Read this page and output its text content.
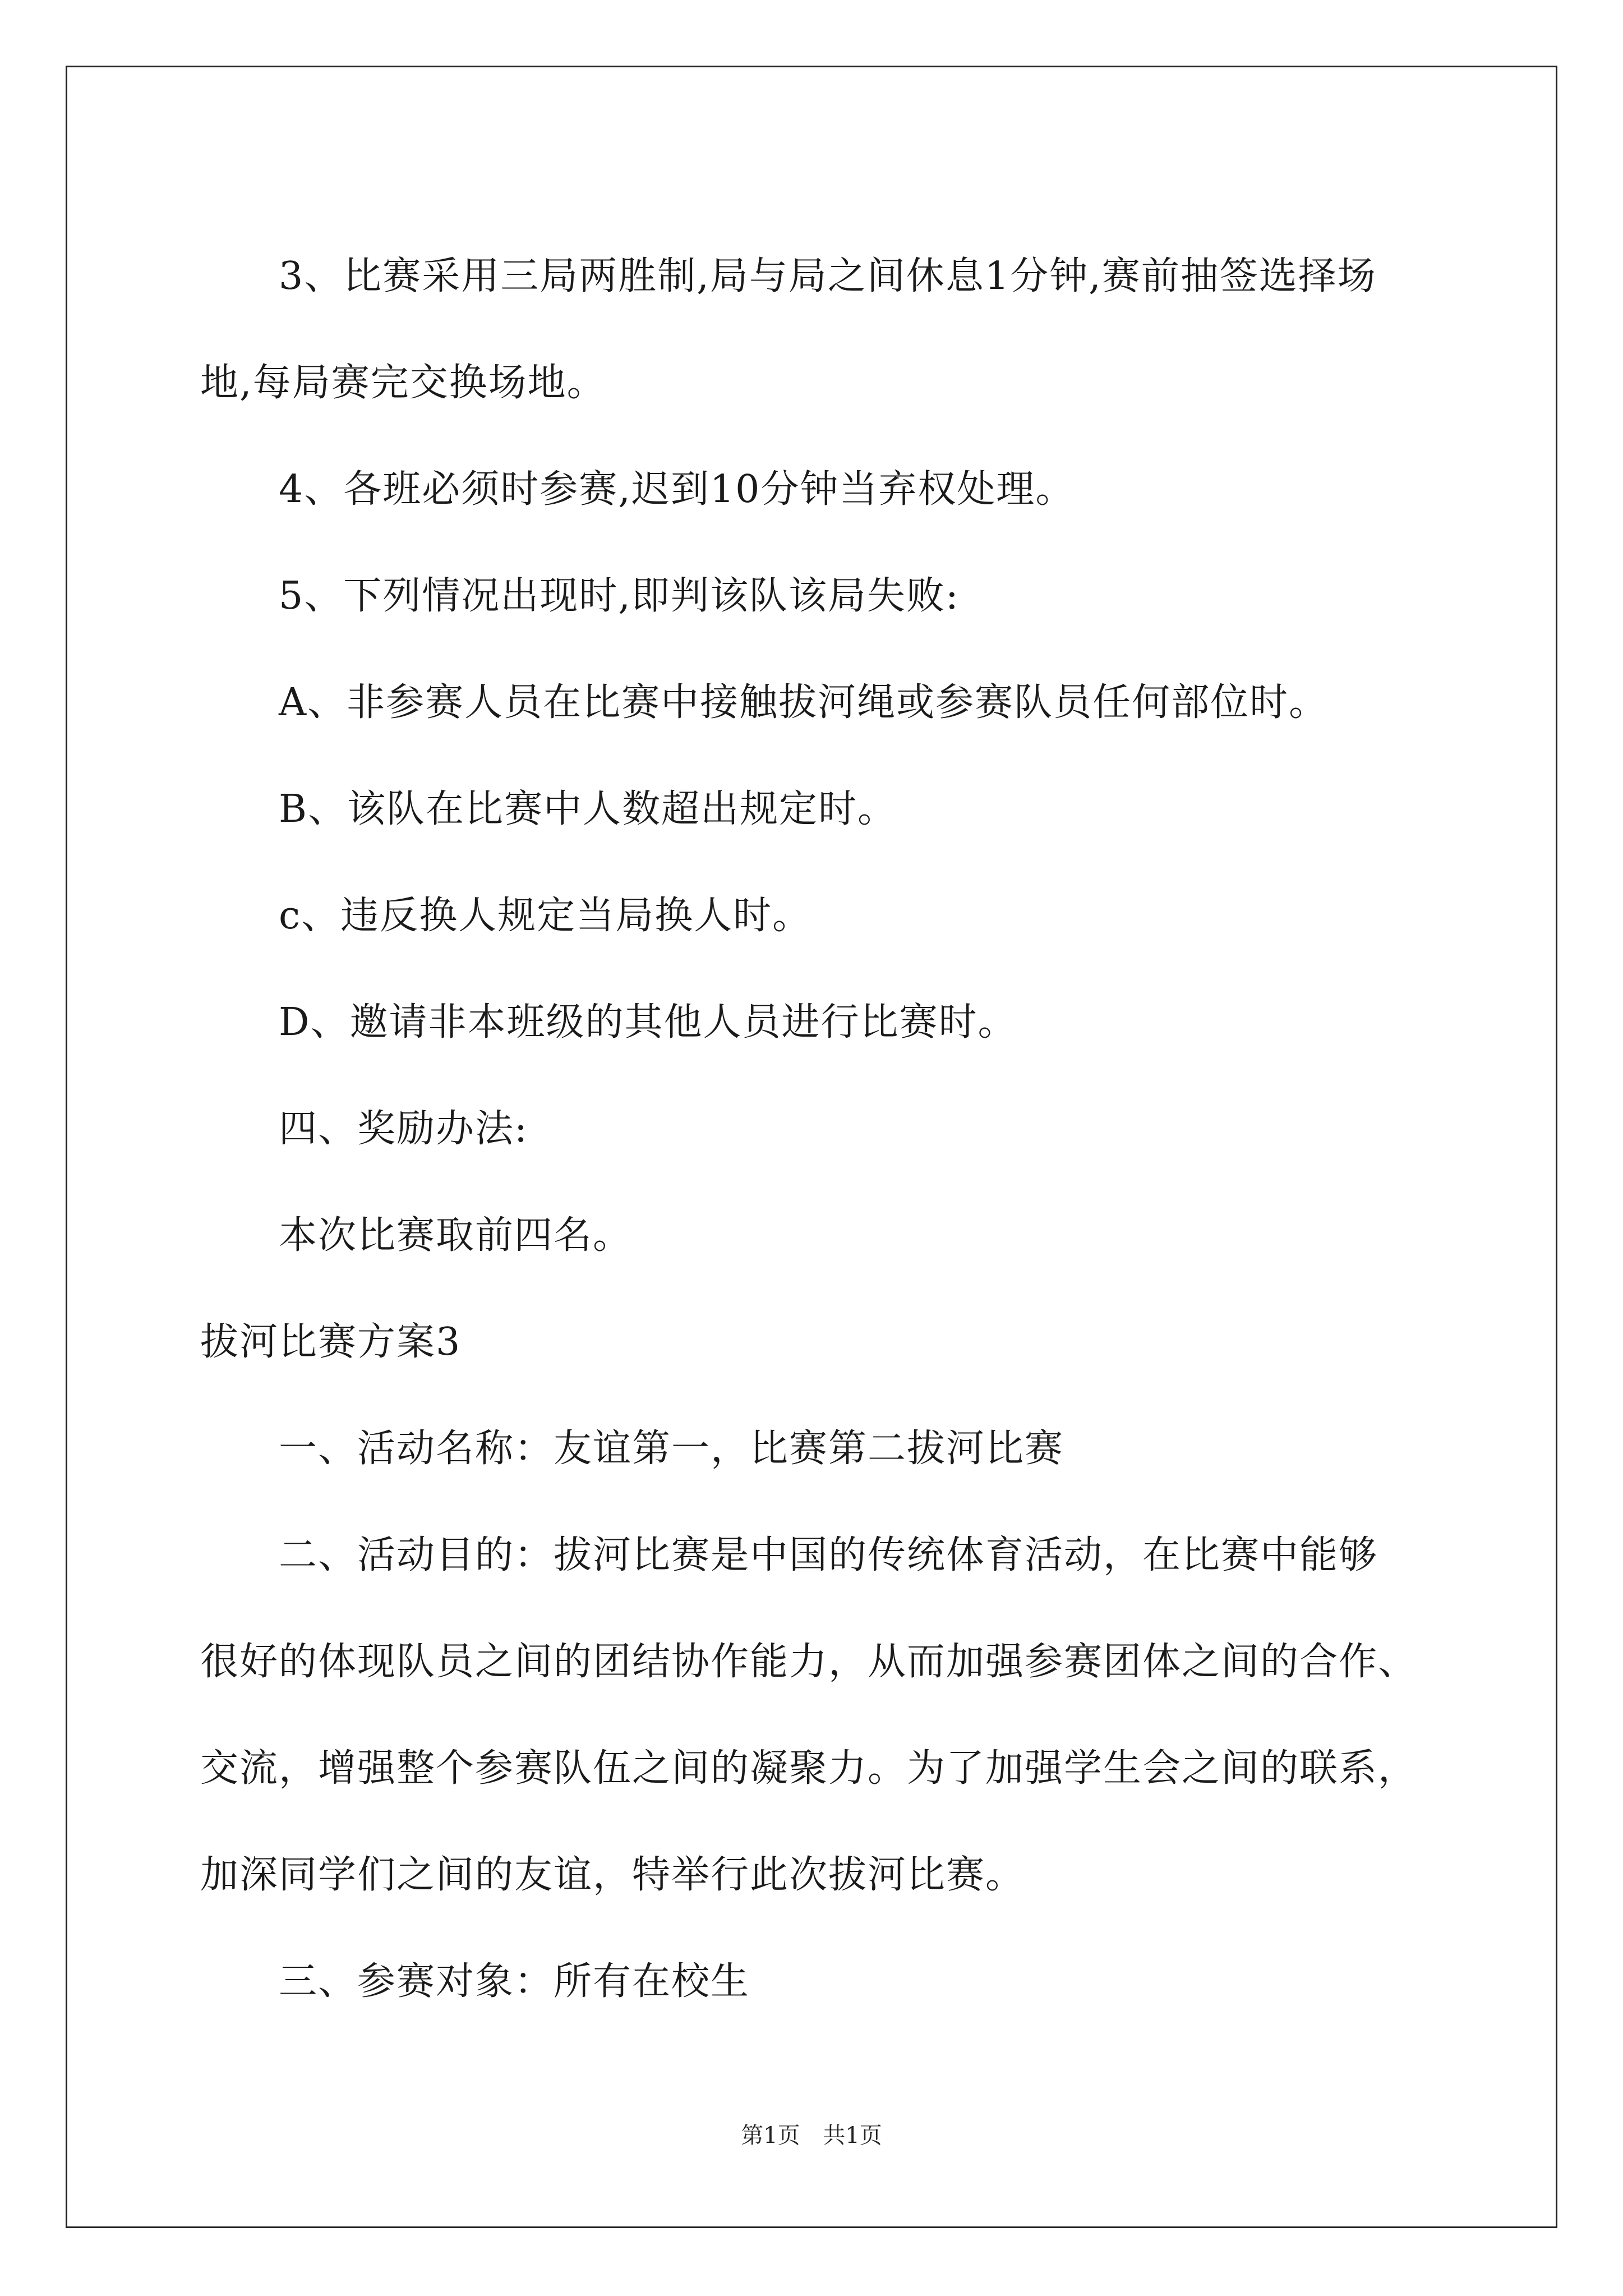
3、比赛采用三局两胜制,局与局之间休息1分钟,赛前抽签选择场

地,每局赛完交换场地。

4、各班必须时参赛,迟到10分钟当弃权处理。

5、下列情况出现时,即判该队该局失败:

A、非参赛人员在比赛中接触拔河绳或参赛队员任何部位时。

B、该队在比赛中人数超出规定时。

c、违反换人规定当局换人时。

D、邀请非本班级的其他人员进行比赛时。

四、奖励办法:

本次比赛取前四名。

拔河比赛方案3

一、活动名称：友谊第一，比赛第二拔河比赛

二、活动目的：拔河比赛是中国的传统体育活动，在比赛中能够

很好的体现队员之间的团结协作能力，从而加强参赛团体之间的合作、

交流，增强整个参赛队伍之间的凝聚力。为了加强学生会之间的联系，

加深同学们之间的友谊，特举行此次拔河比赛。

三、参赛对象：所有在校生

第1页 共1页
